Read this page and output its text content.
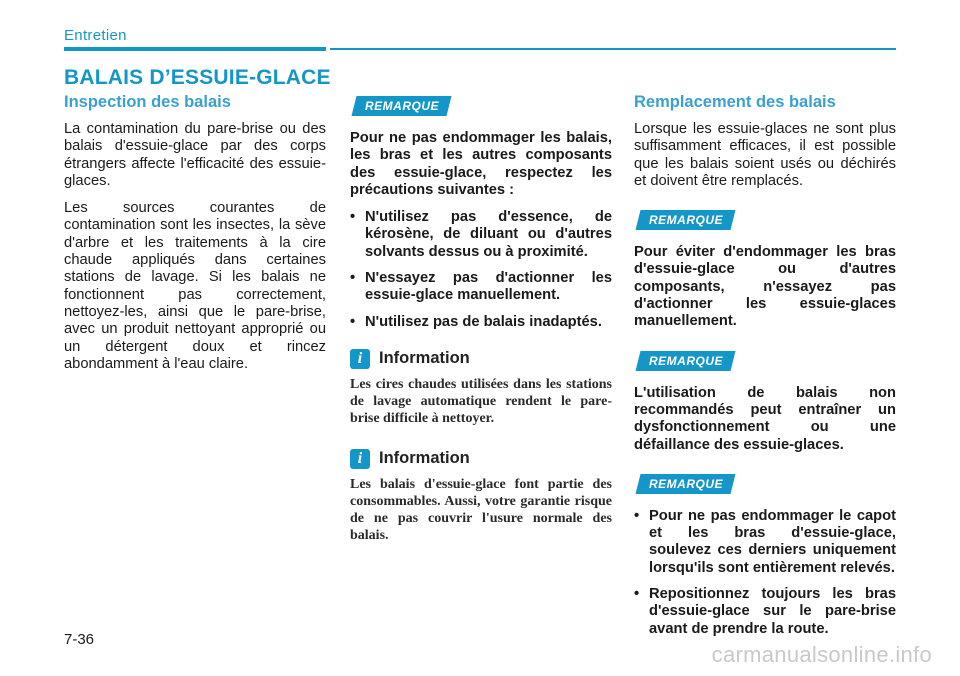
Entretien
BALAIS D’ESSUIE-GLACE
Inspection des balais

La contamination du pare-brise ou des balais d'essuie-glace par des corps étrangers affecte l'efficacité des essuie-glaces.

Les sources courantes de contamination sont les insectes, la sève d'arbre et les traitements à la cire chaude appliqués dans certaines stations de lavage. Si les balais ne fonctionnent pas correctement, nettoyez-les, ainsi que le pare-brise, avec un produit nettoyant approprié ou un détergent doux et rincez abondamment à l'eau claire.

REMARQUE

Pour ne pas endommager les balais, les bras et les autres composants des essuie-glace, respectez les précautions suivantes :

• N'utilisez pas d'essence, de kérosène, de diluant ou d'autres solvants dessus ou à proximité.
• N'essayez pas d'actionner les essuie-glace manuellement.
• N'utilisez pas de balais inadaptés.
i	Information

Les cires chaudes utilisées dans les stations de lavage automatique rendent le pare-brise difficile à nettoyer.

i	Information

Les balais d'essuie-glace font partie des consommables. Aussi, votre garantie risque de ne pas couvrir l'usure normale des balais.

Remplacement des balais

Lorsque les essuie-glaces ne sont plus suffisamment efficaces, il est possible que les balais soient usés ou déchirés et doivent être remplacés.

REMARQUE

Pour éviter d'endommager les bras d'essuie-glace ou d'autres composants, n'essayez pas d'actionner les essuie-glaces manuellement.

REMARQUE

L'utilisation de balais non recommandés peut entraîner un dysfonctionnement ou une défaillance des essuie-glaces.

REMARQUE
• Pour ne pas endommager le capot et les bras d'essuie-glace, soulevez ces derniers uniquement lorsqu'ils sont entièrement relevés.
• Repositionnez toujours les bras d'essuie-glace sur le pare-brise avant de prendre la route.
7-36
carmanualsonline.info
